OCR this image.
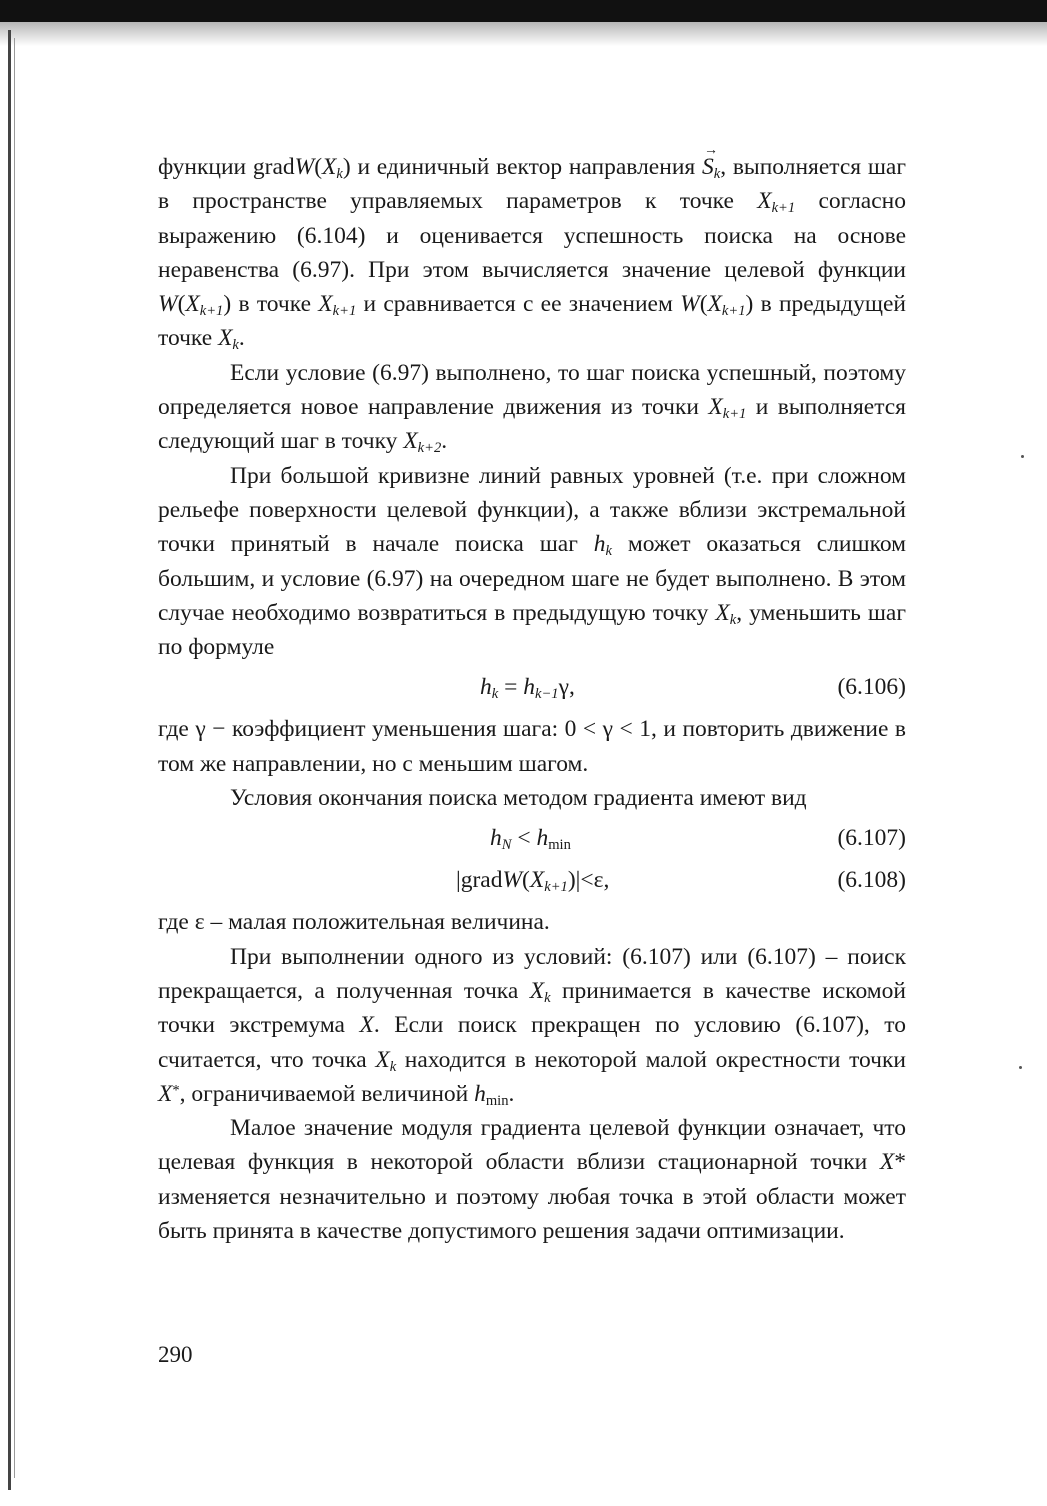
функции $gradW(X_k)$ и единичный вектор направления → $S_k$, выполняется шаг в пространстве управляемых параметров к точке $X_{k+1}$ согласно выражению (6.104) и оценивается успешность поиска на основе неравенства (6.97). При этом вычисляется значение целевой функции $W(X_{k+1})$ в точке $X_{k+1}$ и сравнивается с ее значением $W(X_{k+1})$ в предыдущей точке $X_k$.

Если условие (6.97) выполнено, то шаг поиска успешный, поэтому определяется новое направление движения из точки $X_{k+1}$ и выполняется следующий шаг в точку $X_{k+2}$.

При большой кривизне линий равных уровней (т.е. при сложном рельефе поверхности целевой функции), а также вблизи экстремальной точки принятый в начале поиска шаг $h_k$ может оказаться слишком большим, и условие (6.97) на очередном шаге не будет выполнено. В этом случае необходимо возвратиться в предыдущую точку $X_k$, уменьшить шаг по формуле

$h_k = h_{k-1}\gamma$,	(6.106)

где γ − коэффициент уменьшения шага: 0 < γ < 1, и повторить движение в том же направлении, но с меньшим шагом.

Условия окончания поиска методом градиента имеют вид

$h_N < h_{min}$	(6.107)
$|gradW(X_{k+1})|<\varepsilon$,	(6.108)

где ε – малая положительная величина.

При выполнении одного из условий: (6.107) или (6.107) – поиск прекращается, а полученная точка $X_k$ принимается в качестве искомой точки экстремума X. Если поиск прекращен по условию (6.107), то считается, что точка $X_k$ находится в некоторой малой окрестности точки X*, ограничиваемой величиной $h_{min}$.

Малое значение модуля градиента целевой функции означает, что целевая функция в некоторой области вблизи стационарной точки X* изменяется незначительно и поэтому любая точка в этой области может быть принята в качестве допустимого решения задачи оптимизации.

290
